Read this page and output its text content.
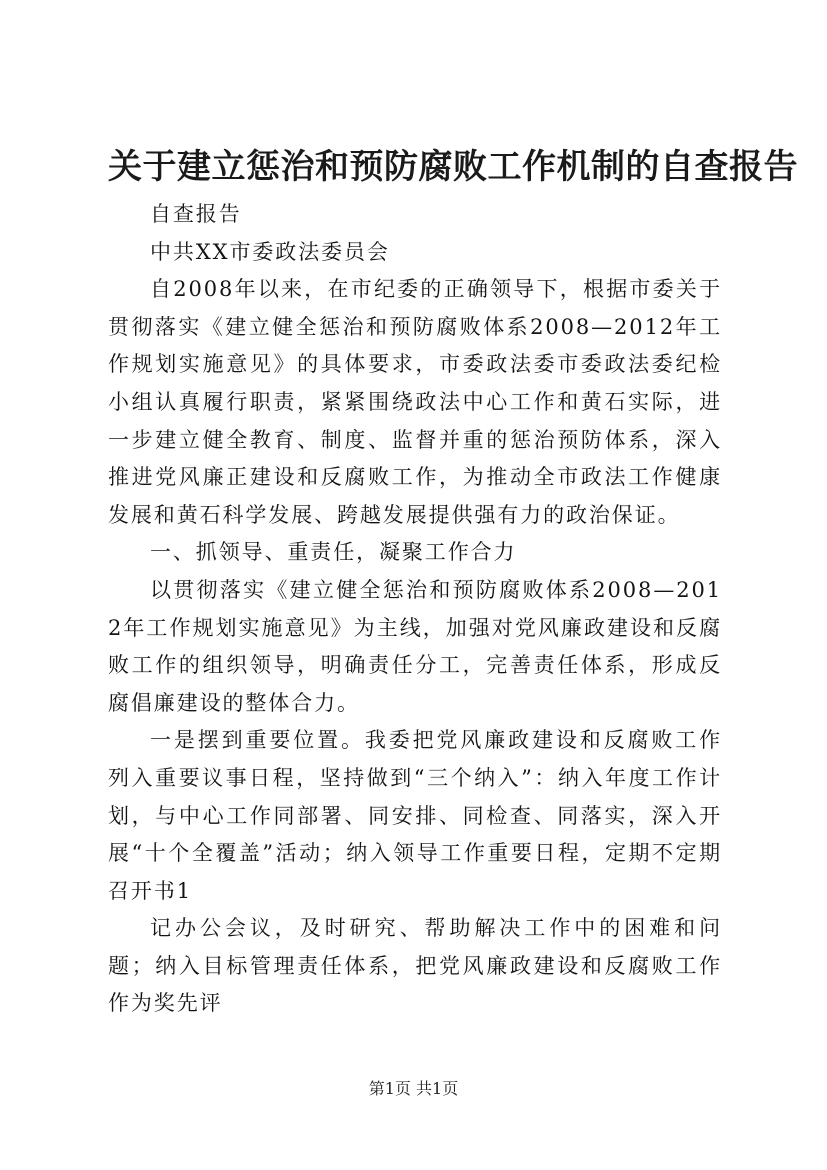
关于建立惩治和预防腐败工作机制的自查报告

自查报告

中共XX市委政法委员会

自2008年以来，在市纪委的正确领导下，根据市委关于贯彻落实《建立健全惩治和预防腐败体系2008—2012年工作规划实施意见》的具体要求，市委政法委市委政法委纪检小组认真履行职责，紧紧围绕政法中心工作和黄石实际，进一步建立健全教育、制度、监督并重的惩治预防体系，深入推进党风廉正建设和反腐败工作，为推动全市政法工作健康发展和黄石科学发展、跨越发展提供强有力的政治保证。

一、抓领导、重责任，凝聚工作合力

以贯彻落实《建立健全惩治和预防腐败体系2008—2012年工作规划实施意见》为主线，加强对党风廉政建设和反腐败工作的组织领导，明确责任分工，完善责任体系，形成反腐倡廉建设的整体合力。

一是摆到重要位置。我委把党风廉政建设和反腐败工作列入重要议事日程，坚持做到“三个纳入”：纳入年度工作计划，与中心工作同部署、同安排、同检查、同落实，深入开展“十个全覆盖”活动；纳入领导工作重要日程，定期不定期召开书1

记办公会议，及时研究、帮助解决工作中的困难和问题；纳入目标管理责任体系，把党风廉政建设和反腐败工作作为奖先评

第1页 共1页
